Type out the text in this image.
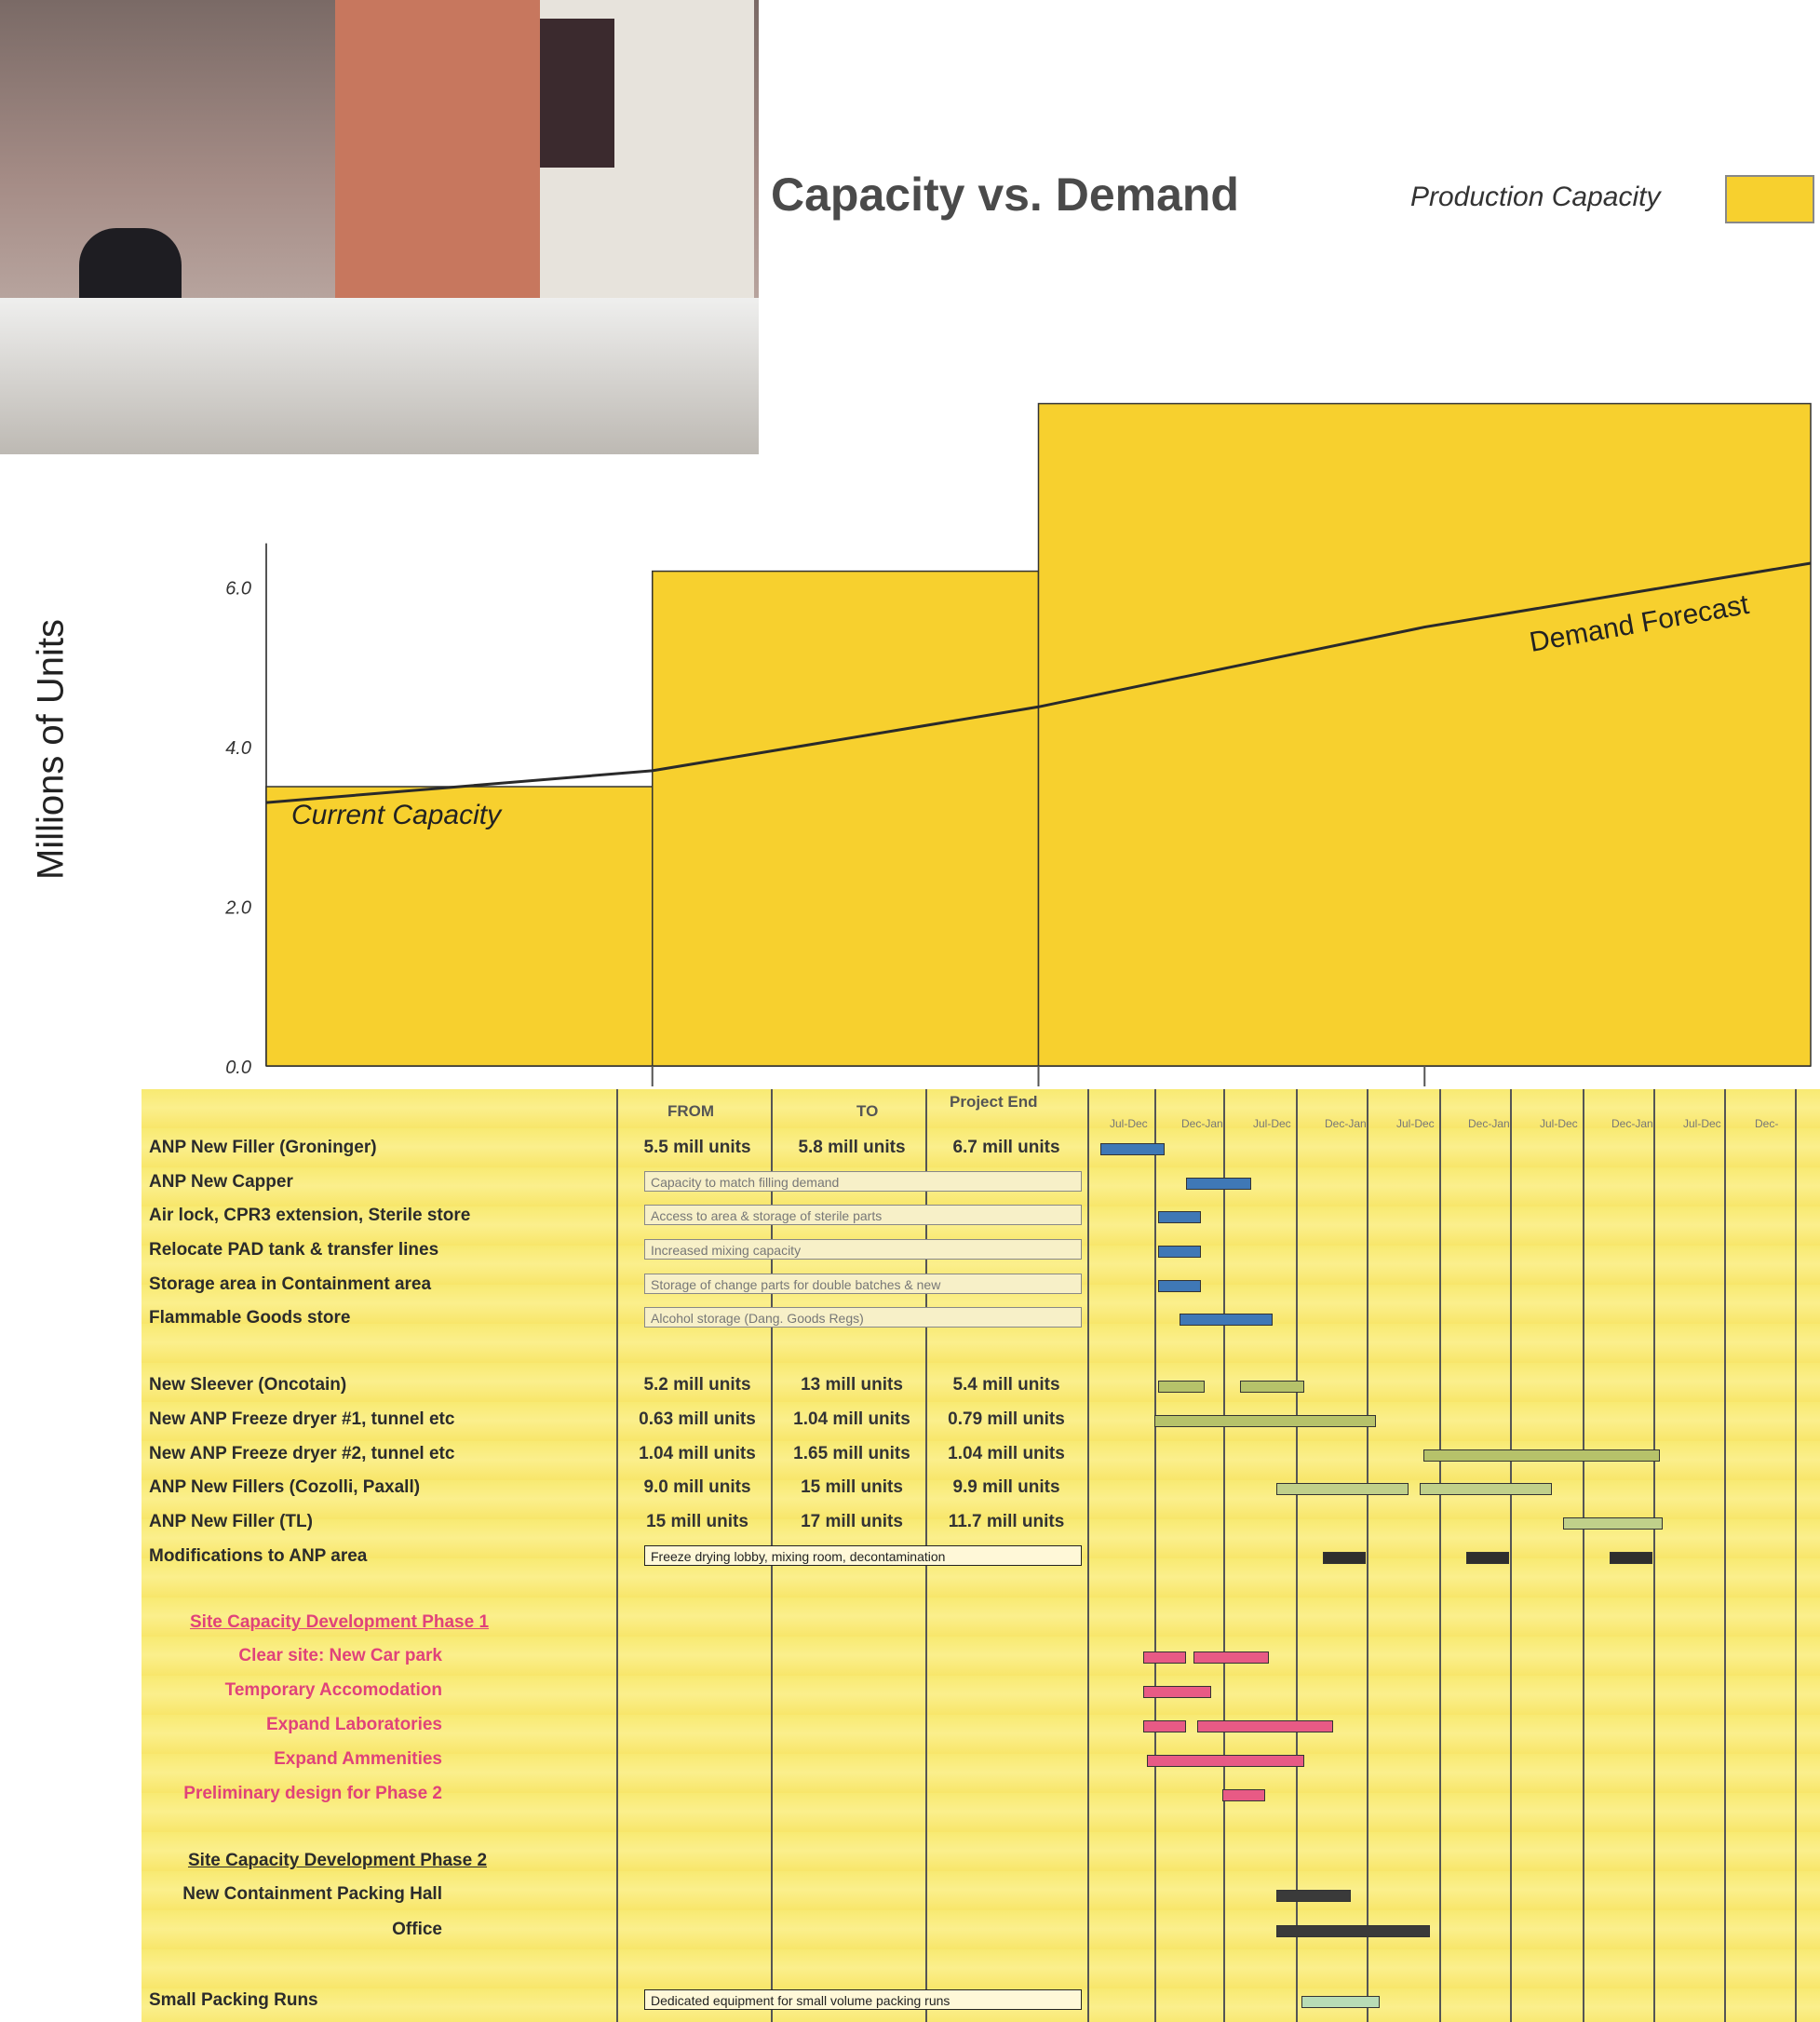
0.0
2.0
4.0
6.0
Current Capacity
Demand Forecast
Capacity vs. Demand	Production Capacity
Millions of Units
FROM	TO
Project End
Jul-Dec	Dec-Jan	Jul-Dec	Dec-Jan	Jul-Dec	Dec-Jan	Jul-Dec	Dec-Jan	Jul-Dec	Dec-
ANP New Filler (Groninger)	5.5 mill units	5.8 mill units	6.7 mill units
ANP New Capper	Capacity to match filling demand
Air lock, CPR3 extension, Sterile store	Access to area & storage of sterile parts
Relocate PAD tank & transfer lines	Increased mixing capacity
Storage area in Containment area	Storage of change parts for double batches & new
Flammable Goods store	Alcohol storage (Dang. Goods Regs)
New Sleever (Oncotain)	5.2 mill units	13 mill units	5.4 mill units
New ANP Freeze dryer #1, tunnel etc	0.63 mill units	1.04 mill units	0.79 mill units
New ANP Freeze dryer #2, tunnel etc	1.04 mill units	1.65 mill units	1.04 mill units
ANP New Fillers (Cozolli, Paxall)	9.0 mill units	15 mill units	9.9 mill units
ANP New Filler (TL)	15 mill units	17 mill units	11.7 mill units
Modifications to ANP area	Freeze drying lobby, mixing room, decontamination
Site Capacity Development Phase 1
Clear site: New Car park
Temporary Accomodation
Expand Laboratories
Expand Ammenities
Preliminary design for Phase 2
Site Capacity Development Phase 2
New Containment Packing Hall
Office
Small Packing Runs	Dedicated equipment for small volume packing runs
